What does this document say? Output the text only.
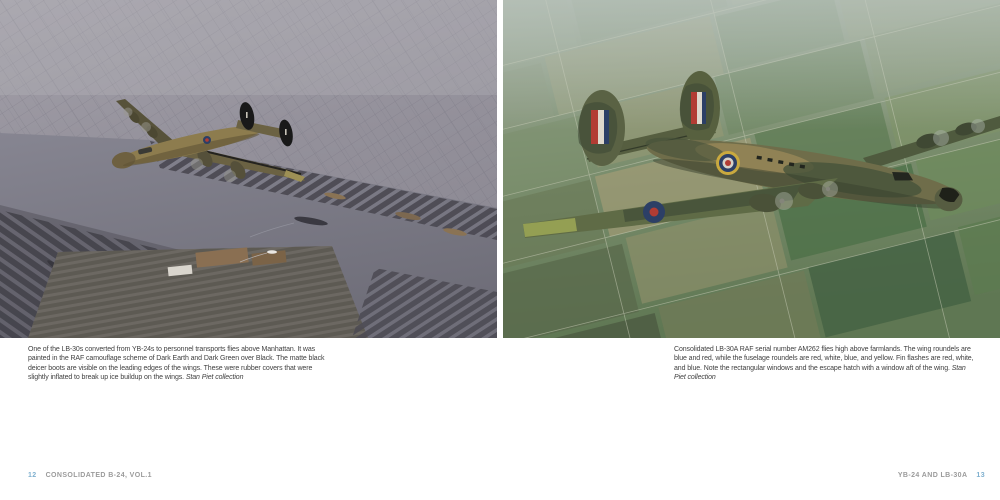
One of the LB-30s converted from YB-24s to personnel transports flies above Manhattan. It was painted in the RAF camouflage scheme of Dark Earth and Dark Green over Black. The matte black deicer boots are visible on the leading edges of the wings. These were rubber covers that were slightly inflated to break up ice buildup on the wings. Stan Piet collection

12 CONSOLIDATED B-24, VOL.1

Consolidated LB-30A RAF serial number AM262 flies high above farmlands. The wing roundels are blue and red, while the fuselage roundels are red, white, blue, and yellow. Fin flashes are red, white, and blue. Note the rectangular windows and the escape hatch with a window aft of the wing. Stan Piet collection

YB-24 AND LB-30A 13
